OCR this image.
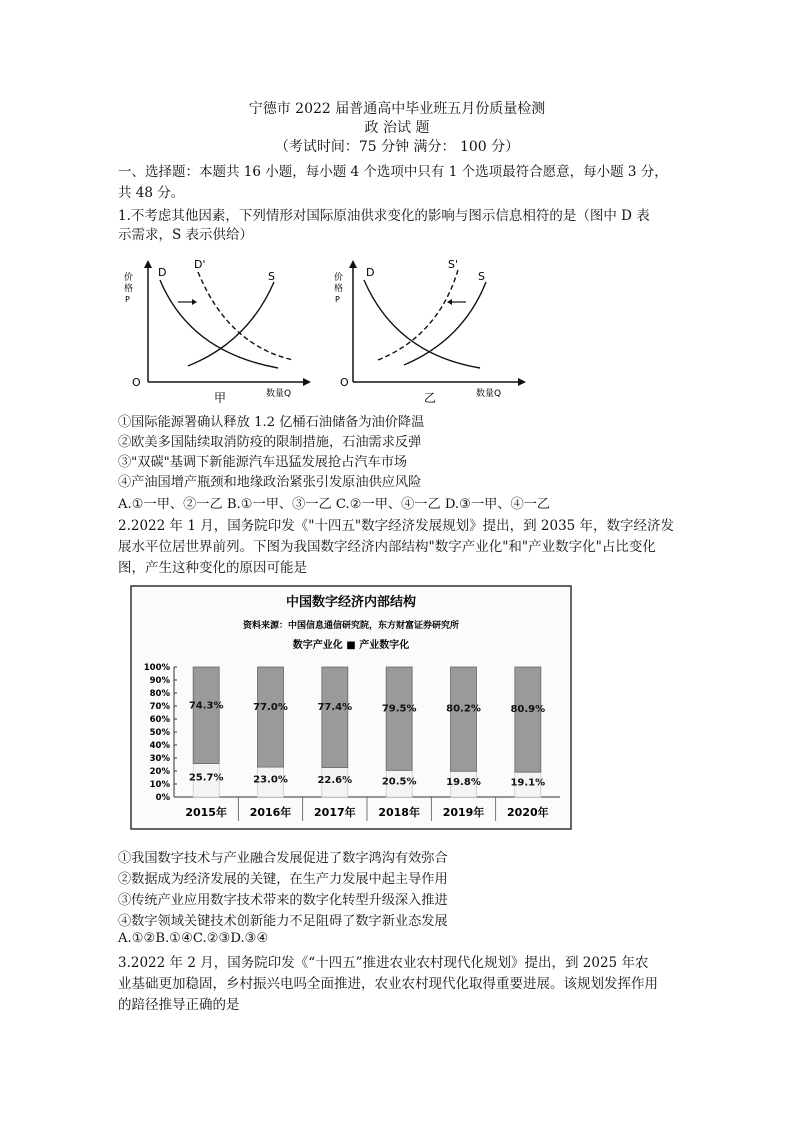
宁德市 2022 届普通高中毕业班五月份质量检测
政 治试 题
（考试时间：75 分钟 满分： 100 分）
一、选择题：本题共 16 小题，每小题 4 个选项中只有 1 个选项最符合愿意，每小题 3 分，
共 48 分。
1.不考虑其他因素，下列情形对国际原油供求变化的影响与图示信息相符的是（图中 D 表
示需求，S 表示供给）
价
格
P
D
D'
S
O
数量Q
甲
价
格
P
D
S'
S
O
数量Q
乙
①国际能源署确认释放 1.2 亿桶石油储备为油价降温
②欧美多国陆续取消防疫的限制措施，石油需求反弹
③"双碳"基调下新能源汽车迅猛发展抢占汽车市场
④产油国增产瓶颈和地缘政治紧张引发原油供应风险
A.①一甲、②一乙 B.①一甲、③一乙 C.②一甲、④一乙 D.③一甲、④一乙
2.2022 年 1 月，国务院印发《"十四五"数字经济发展规划》提出，到 2035 年，数字经济发
展水平位居世界前列。下图为我国数字经济内部结构"数字产业化"和"产业数字化"占比变化
图，产生这种变化的原因可能是
中国数字经济内部结构
资料来源：中国信息通信研究院，东方财富证券研究所
数字产业化 ■ 产业数字化
100%
90%
80%
70%
60%
50%
40%
30%
20%
10%
0%
74.3%
25.7%
77.0%
23.0%
77.4%
22.6%
79.5%
20.5%
80.2%
19.8%
80.9%
19.1%
2015年 2016年 2017年 2018年 2019年 2020年
①我国数字技术与产业融合发展促进了数字鸿沟有效弥合
②数据成为经济发展的关键，在生产力发展中起主导作用
③传统产业应用数字技术带来的数字化转型升级深入推进
④数字领域关键技术创新能力不足阻碍了数字新业态发展
A.①②B.①④C.②③D.③④
3.2022 年 2 月，国务院印发《“十四五”推进农业农村现代化规划》提出，到 2025 年农
业基础更加稳固，乡村振兴电吗全面推进，农业农村现代化取得重要进展。该规划发挥作用
的踣径推导正确的是
